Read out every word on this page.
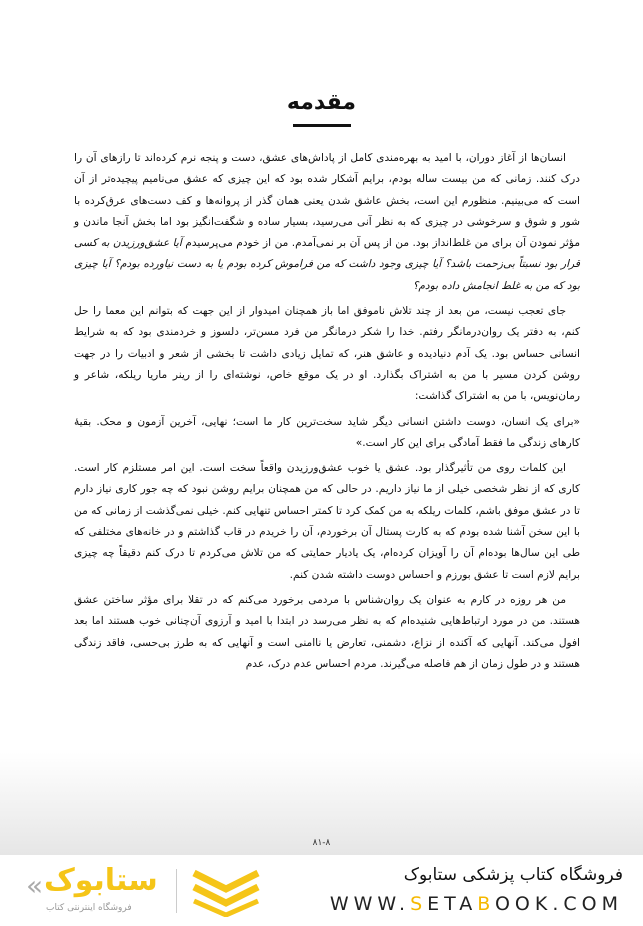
مقدمه

انسان‌ها از آغاز دوران، با امید به بهره‌مندی کامل از پاداش‌های عشق، دست و پنجه نرم کرده‌اند تا رازهای آن را درک کنند. زمانی که من بیست ساله بودم، برایم آشکار شده بود که این چیزی که عشق می‌نامیم پیچیده‌تر از آن است که می‌بینیم. منظورم این است، بخش عاشق شدن یعنی همان گذر از پروانه‌ها و کف دست‌های عرق‌کرده با شور و شوق و سرخوشی در چیزی که به نظر آنی می‌رسید، بسیار ساده و شگفت‌انگیز بود اما بخش آنجا ماندن و مؤثر نمودن آن برای من غلط‌انداز بود. من از پس آن بر نمی‌آمدم. من از خودم می‌پرسیدم آیا عشق‌ورزیدن به کسی قرار بود نسبتاً بی‌زحمت باشد؟ آیا چیزی وجود داشت که من فراموش کرده بودم یا به دست نیاورده بودم؟ آیا چیزی بود که من به غلط انجامش داده بودم؟

جای تعجب نیست، من بعد از چند تلاش ناموفق اما باز همچنان امیدوار از این جهت که بتوانم این معما را حل کنم، به دفتر یک روان‌درمانگر رفتم. خدا را شکر درمانگر من فرد مسن‌تر، دلسوز و خردمندی بود که به شرایط انسانی حساس بود. یک آدم دنیادیده و عاشق هنر، که تمایل زیادی داشت تا بخشی از شعر و ادبیات را در جهت روشن کردن مسیر با من به اشتراک بگذارد. او در یک موقع خاص، نوشته‌ای را از رینر ماریا ریلکه، شاعر و رمان‌نویس، با من به اشتراک گذاشت:

«برای یک انسان، دوست داشتن انسانی دیگر شاید سخت‌ترین کار ما است؛ نهایی، آخرین آزمون و محک. بقیهٔ کارهای زندگی ما فقط آمادگی برای این کار است.»

این کلمات روی من تأثیرگذار بود. عشق یا خوب عشق‌ورزیدن واقعاً سخت است. این امر مستلزم کار است. کاری که از نظر شخصی خیلی از ما نیاز داریم. در حالی که من همچنان برایم روشن نبود که چه جور کاری نیاز دارم تا در عشق موفق باشم، کلمات ریلکه به من کمک کرد تا کمتر احساس تنهایی کنم. خیلی نمی‌گذشت از زمانی که من با این سخن آشنا شده بودم که به کارت پستال آن برخوردم، آن را خریدم در قاب گذاشتم و در خانه‌های مختلفی که طی این سال‌ها بوده‌ام آن را آویزان کرده‌ام، یک یادیار حمایتی که من تلاش می‌کردم تا درک کنم دقیقاً چه چیزی برایم لازم است تا عشق بورزم و احساس دوست داشته شدن کنم.

من هر روزه در کارم به عنوان یک روان‌شناس با مردمی برخورد می‌کنم که در تقلا برای مؤثر ساختن عشق هستند. من در مورد ارتباط‌هایی شنیده‌ام که به نظر می‌رسد در ابتدا با امید و آرزوی آن‌چنانی خوب هستند اما بعد افول می‌کند. آنهایی که آکنده از نزاع، دشمنی، تعارض یا ناامنی است و آنهایی که به طرز بی‌حسی، فاقد زندگی هستند و در طول زمان از هم فاصله می‌گیرند. مردم احساس عدم درک، عدم

۸۱-۸
« ستابوک
فروشگاه اینترنتی کتاب
فروشگاه کتاب پزشکی ستابوک
WWW.SETABOOK.COM
